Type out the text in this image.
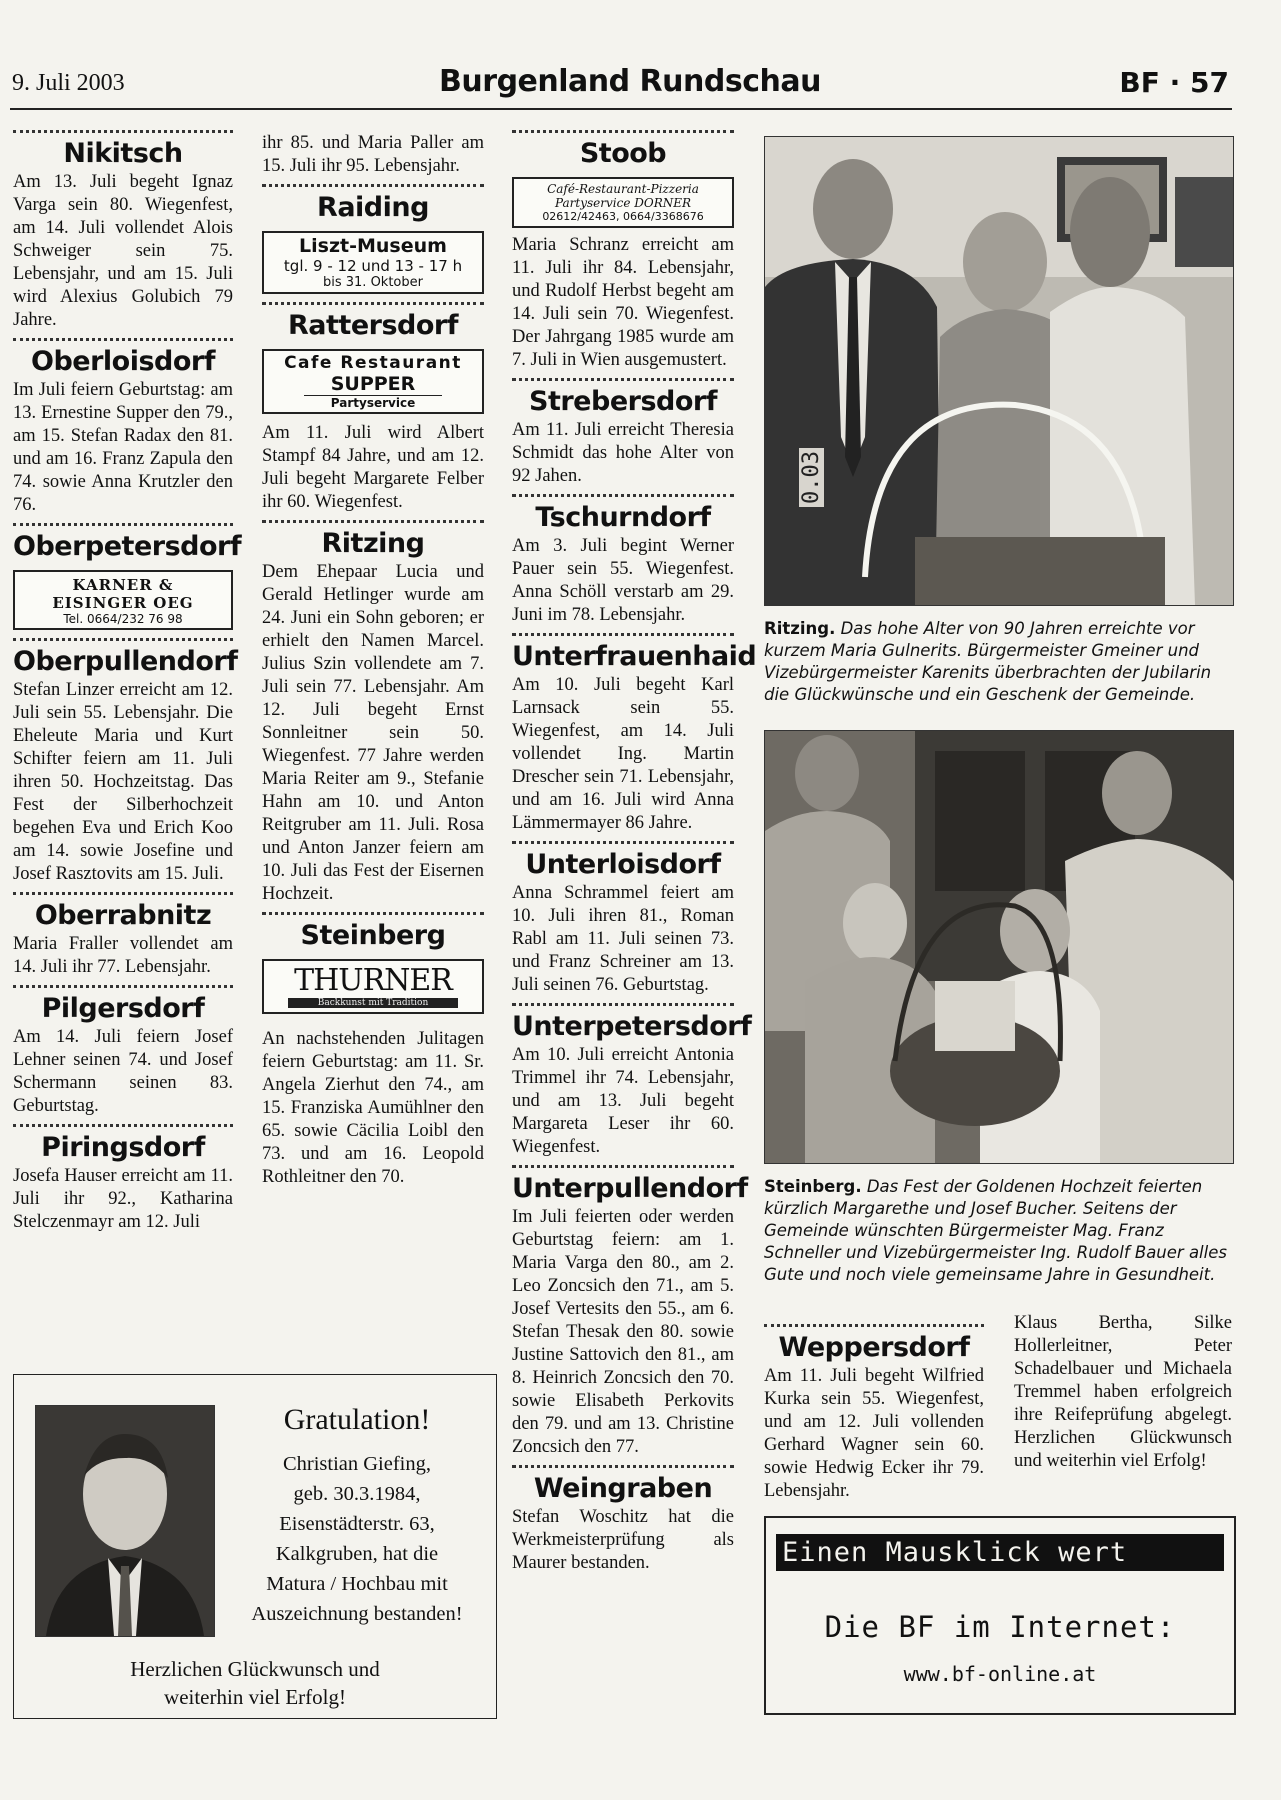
9. Juli 2003	Burgenland Rundschau	BF · 57
Nikitsch

Am 13. Juli begeht Ignaz Varga sein 80. Wiegenfest, am 14. Juli vollendet Alois Schweiger sein 75. Lebensjahr, und am 15. Juli wird Alexius Golubich 79 Jahre.

Oberloisdorf

Im Juli feiern Geburtstag: am 13. Ernestine Supper den 79., am 15. Stefan Radax den 81. und am 16. Franz Zapula den 74. sowie Anna Krutzler den 76.

Oberpetersdorf
KARNER &
EISINGER OEG
Tel. 0664/232 76 98
Oberpullendorf

Stefan Linzer erreicht am 12. Juli sein 55. Lebensjahr. Die Eheleute Maria und Kurt Schifter feiern am 11. Juli ihren 50. Hochzeitstag. Das Fest der Silberhochzeit begehen Eva und Erich Koo am 14. sowie Josefine und Josef Rasztovits am 15. Juli.

Oberrabnitz

Maria Fraller vollendet am 14. Juli ihr 77. Lebensjahr.

Pilgersdorf

Am 14. Juli feiern Josef Lehner seinen 74. und Josef Schermann seinen 83. Geburtstag.

Piringsdorf

Josefa Hauser erreicht am 11. Juli ihr 92., Katharina Stelczenmayr am 12. Juli

ihr 85. und Maria Paller am 15. Juli ihr 95. Lebensjahr.

Raiding
Liszt-Museum
tgl. 9 - 12 und 13 - 17 h
bis 31. Oktober
Rattersdorf
Cafe Restaurant
SUPPER
Partyservice

Am 11. Juli wird Albert Stampf 84 Jahre, und am 12. Juli begeht Margarete Felber ihr 60. Wiegenfest.

Ritzing

Dem Ehepaar Lucia und Gerald Hetlinger wurde am 24. Juni ein Sohn geboren; er erhielt den Namen Marcel. Julius Szin vollendete am 7. Juli sein 77. Lebensjahr. Am 12. Juli begeht Ernst Sonnleitner sein 50. Wiegenfest. 77 Jahre werden Maria Reiter am 9., Stefanie Hahn am 10. und Anton Reitgruber am 11. Juli. Rosa und Anton Janzer feiern am 10. Juli das Fest der Eisernen Hochzeit.

Steinberg
THURNER
Backkunst mit Tradition

An nachstehenden Julitagen feiern Geburtstag: am 11. Sr. Angela Zierhut den 74., am 15. Franziska Aumühlner den 65. sowie Cäcilia Loibl den 73. und am 16. Leopold Rothleitner den 70.

Stoob
Café-Restaurant-Pizzeria Partyservice DORNER
02612/42463, 0664/3368676

Maria Schranz erreicht am 11. Juli ihr 84. Lebensjahr, und Rudolf Herbst begeht am 14. Juli sein 70. Wiegenfest. Der Jahrgang 1985 wurde am 7. Juli in Wien ausgemustert.

Strebersdorf

Am 11. Juli erreicht Theresia Schmidt das hohe Alter von 92 Jahen.

Tschurndorf

Am 3. Juli begint Werner Pauer sein 55. Wiegenfest. Anna Schöll verstarb am 29. Juni im 78. Lebensjahr.

Unterfrauenhaid

Am 10. Juli begeht Karl Larnsack sein 55. Wiegenfest, am 14. Juli vollendet Ing. Martin Drescher sein 71. Lebensjahr, und am 16. Juli wird Anna Lämmermayer 86 Jahre.

Unterloisdorf

Anna Schrammel feiert am 10. Juli ihren 81., Roman Rabl am 11. Juli seinen 73. und Franz Schreiner am 13. Juli seinen 76. Geburtstag.

Unterpetersdorf

Am 10. Juli erreicht Antonia Trimmel ihr 74. Lebensjahr, und am 13. Juli begeht Margareta Leser ihr 60. Wiegenfest.

Unterpullendorf

Im Juli feierten oder werden Geburtstag feiern: am 1. Maria Varga den 80., am 2. Leo Zoncsich den 71., am 5. Josef Vertesits den 55., am 6. Stefan Thesak den 80. sowie Justine Sattovich den 81., am 8. Heinrich Zoncsich den 70. sowie Elisabeth Perkovits den 79. und am 13. Christine Zoncsich den 77.

Weingraben

Stefan Woschitz hat die Werkmeisterprüfung als Maurer bestanden.

0.03
Ritzing. Das hohe Alter von 90 Jahren erreichte vor kurzem Maria Gulnerits. Bürgermeister Gmeiner und Vizebürgermeister Karenits überbrachten der Jubilarin die Glückwünsche und ein Geschenk der Gemeinde.
Steinberg. Das Fest der Goldenen Hochzeit feierten kürzlich Margarethe und Josef Bucher. Seitens der Gemeinde wünschten Bürgermeister Mag. Franz Schneller und Vizebürgermeister Ing. Rudolf Bauer alles Gute und noch viele gemeinsame Jahre in Gesundheit.
Weppersdorf

Am 11. Juli begeht Wilfried Kurka sein 55. Wiegenfest, und am 12. Juli vollenden Gerhard Wagner sein 60. sowie Hedwig Ecker ihr 79. Lebensjahr.

Klaus Bertha, Silke Hollerleitner, Peter Schadelbauer und Michaela Tremmel haben erfolgreich ihre Reifeprüfung abgelegt. Herzlichen Glückwunsch und weiterhin viel Erfolg!

Gratulation!
Christian Giefing,
geb. 30.3.1984,
Eisenstädterstr. 63,
Kalkgruben, hat die
Matura / Hochbau mit
Auszeichnung bestanden!
Herzlichen Glückwunsch und
weiterhin viel Erfolg!
Einen Mausklick wert
Die BF im Internet:
www.bf-online.at
